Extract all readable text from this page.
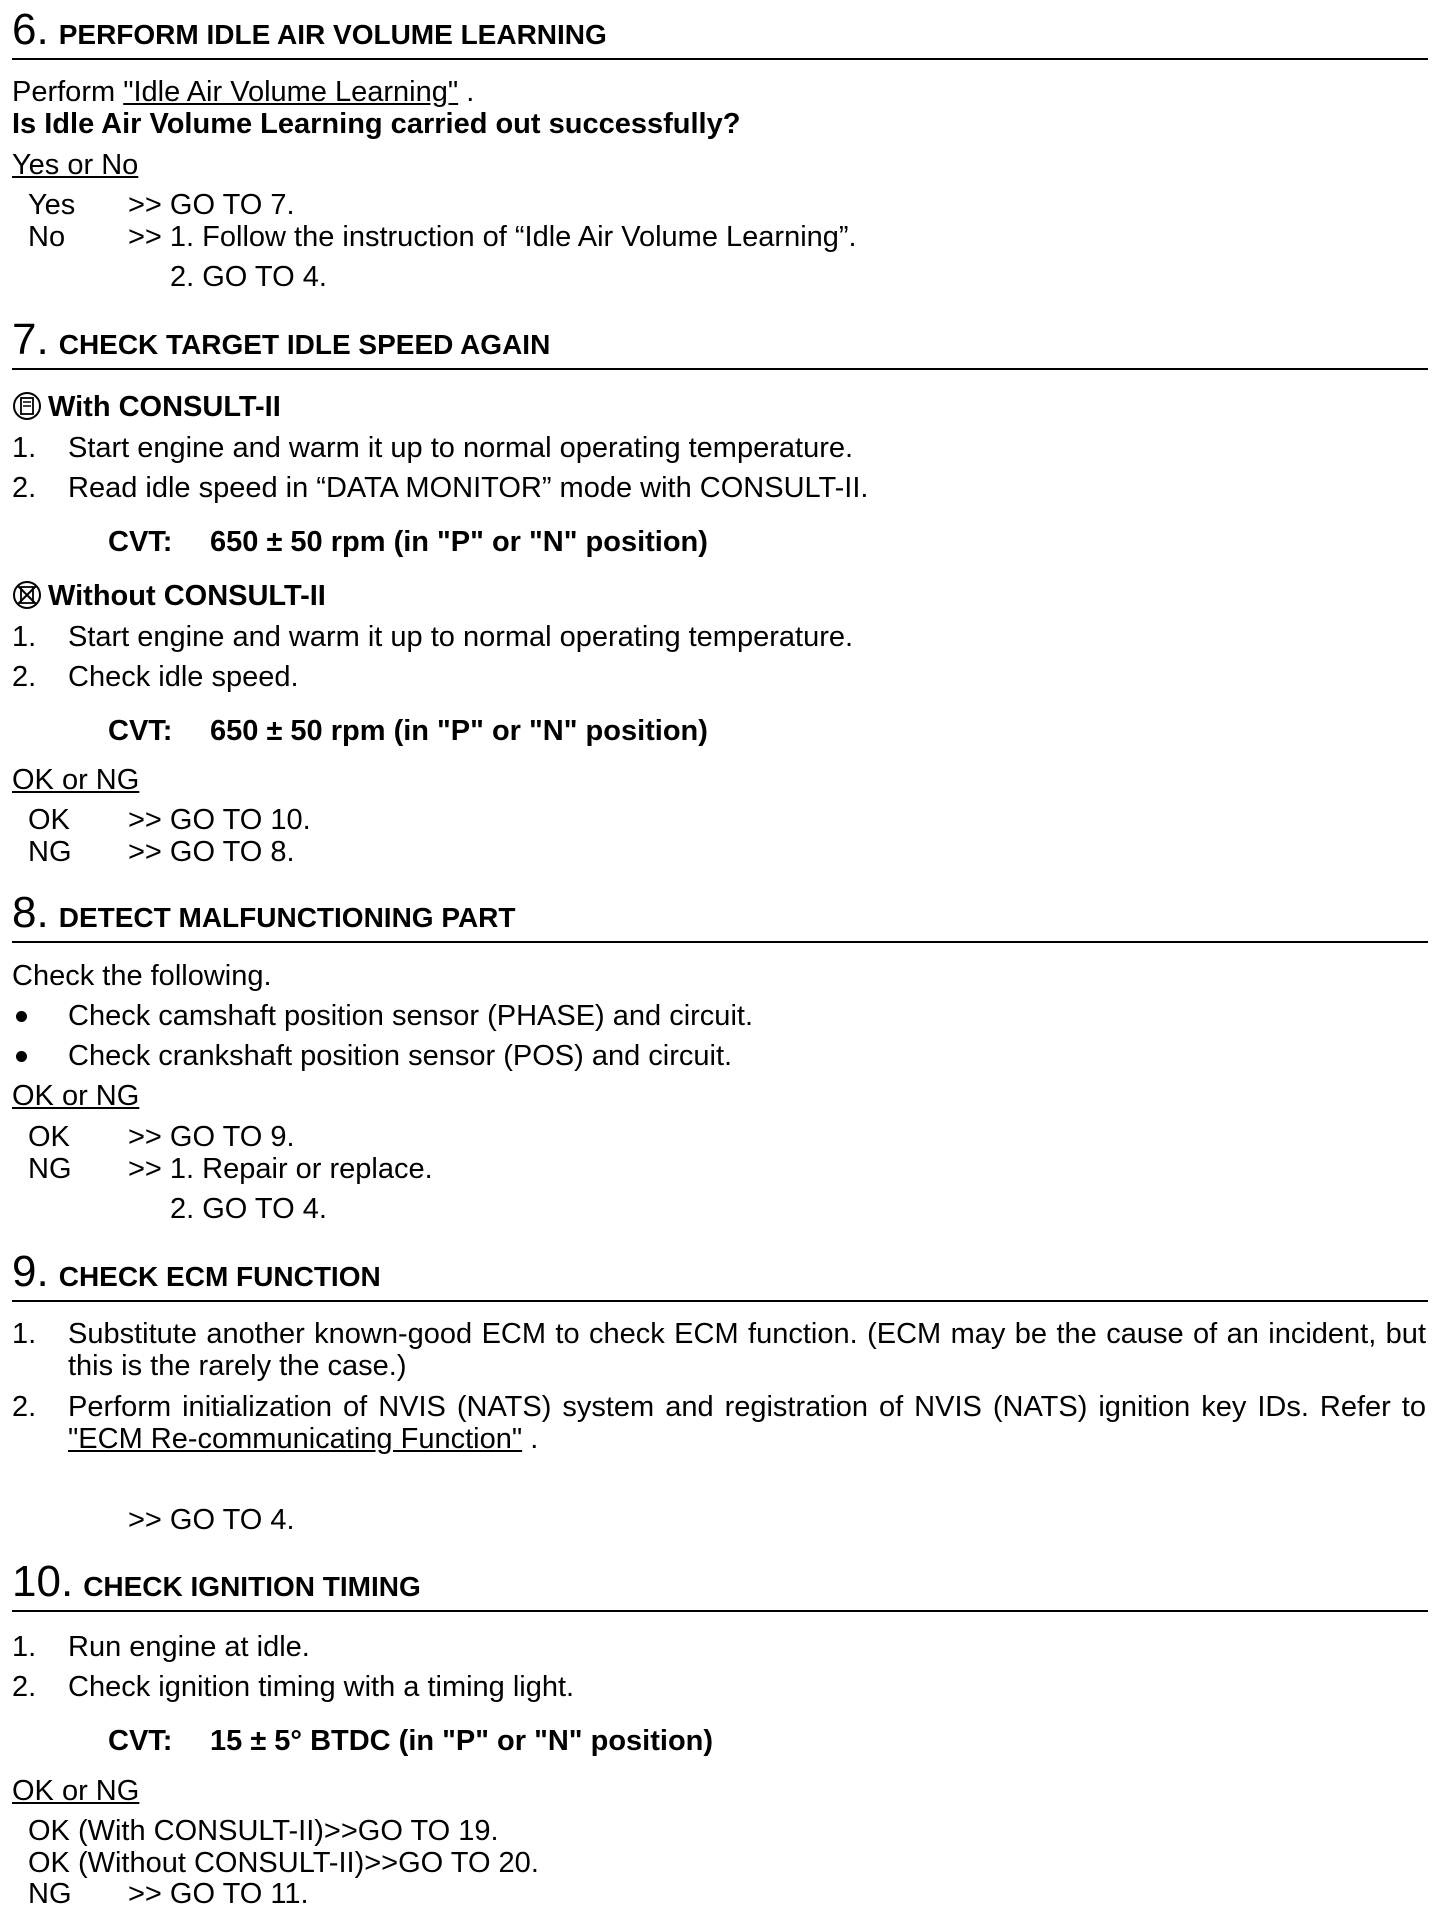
6 . PERFORM IDLE AIR VOLUME LEARNING
Perform "Idle Air Volume Learning" .
Is Idle Air Volume Learning carried out successfully?
Yes or No
Yes >> GO TO 7.
No >> 1. Follow the instruction of “Idle Air Volume Learning”.
2. GO TO 4.
7 . CHECK TARGET IDLE SPEED AGAIN
With CONSULT-II
1. Start engine and warm it up to normal operating temperature.
2. Read idle speed in “DATA MONITOR” mode with CONSULT-II.
CVT: 650 ± 50 rpm (in "P" or "N" position)
Without CONSULT-II
1. Start engine and warm it up to normal operating temperature.
2. Check idle speed.
CVT: 650 ± 50 rpm (in "P" or "N" position)
OK or NG
OK >> GO TO 10.
NG >> GO TO 8.
8 . DETECT MALFUNCTIONING PART
Check the following.
Check camshaft position sensor (PHASE) and circuit.
Check crankshaft position sensor (POS) and circuit.
OK or NG
OK >> GO TO 9.
NG >> 1. Repair or replace.
2. GO TO 4.
9 . CHECK ECM FUNCTION
1. Substitute another known-good ECM to check ECM function. (ECM may be the cause of an incident, but this is the rarely the case.)
2. Perform initialization of NVIS (NATS) system and registration of NVIS (NATS) ignition key IDs. Refer to "ECM Re-communicating Function" .
>> GO TO 4.
10 . CHECK IGNITION TIMING
1. Run engine at idle.
2. Check ignition timing with a timing light.
CVT: 15 ± 5° BTDC (in "P" or "N" position)
OK or NG
OK (With CONSULT-II)>>GO TO 19.
OK (Without CONSULT-II)>>GO TO 20.
NG >> GO TO 11.
